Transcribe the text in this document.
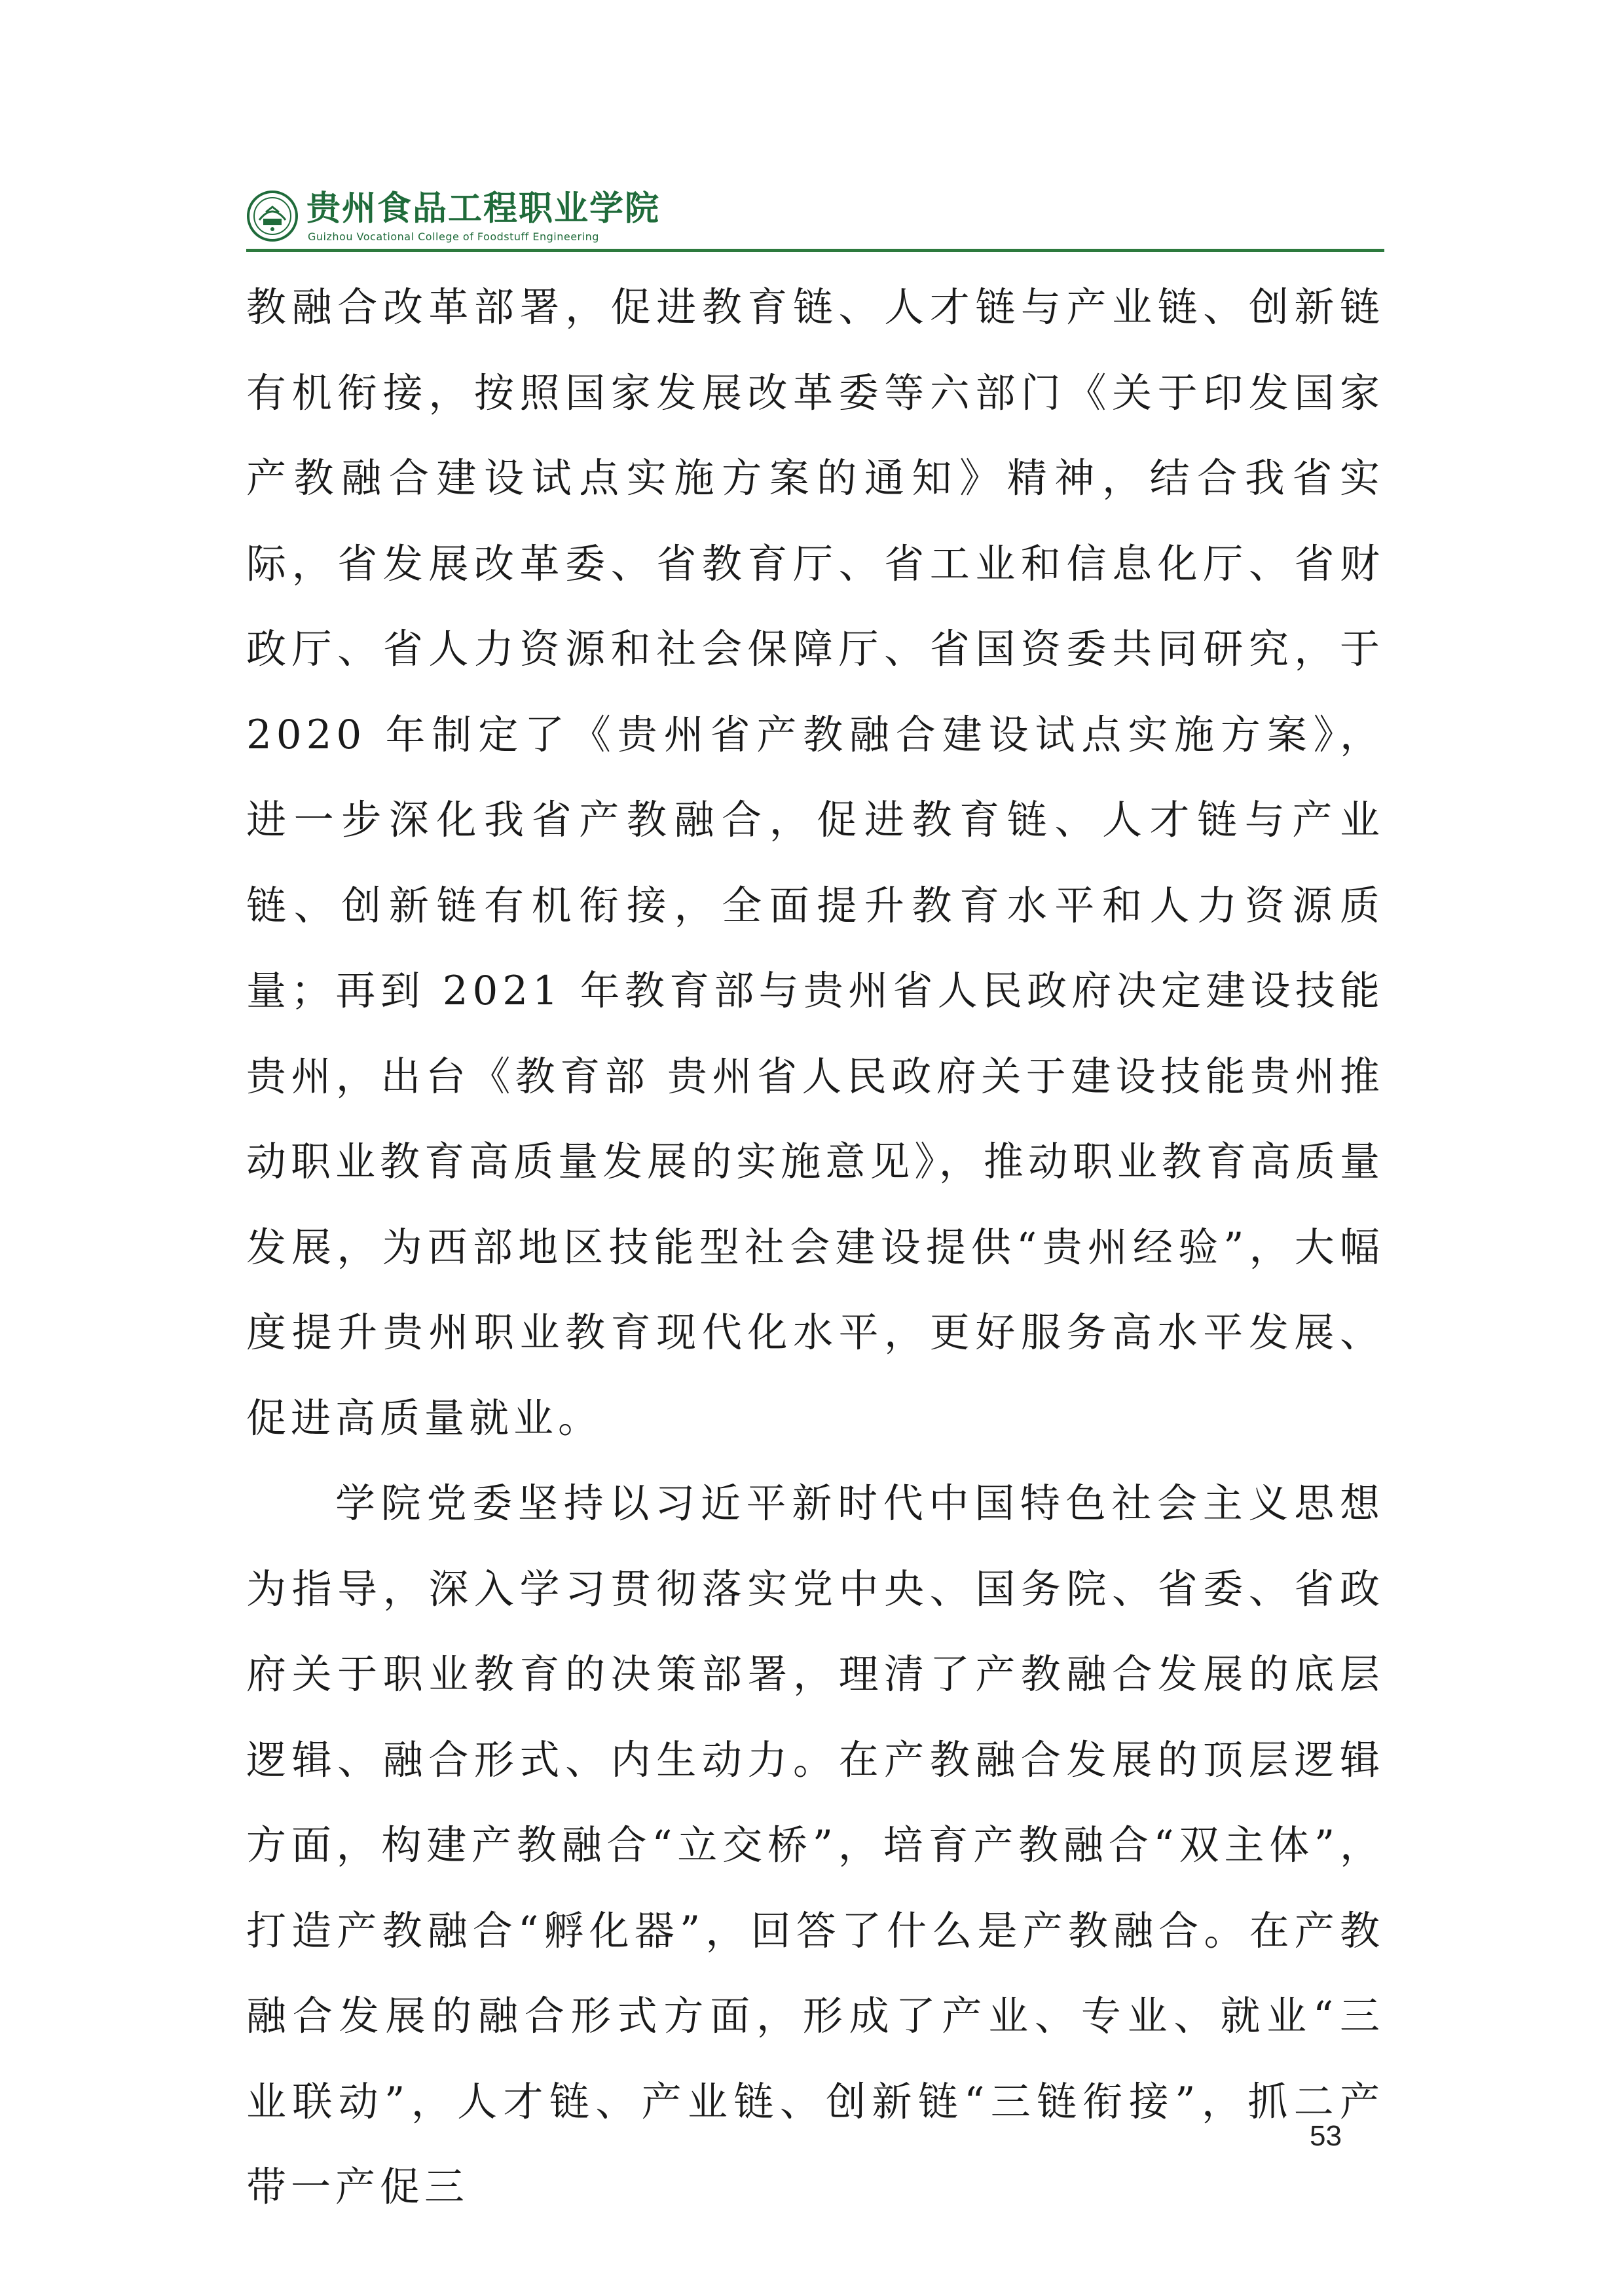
贵州食品工程职业学院
Guizhou Vocational College of Foodstuff Engineering

教融合改革部署，促进教育链、人才链与产业链、创新链有机衔接，按照国家发展改革委等六部门《关于印发国家产教融合建设试点实施方案的通知》精神，结合我省实际，省发展改革委、省教育厅、省工业和信息化厅、省财政厅、省人力资源和社会保障厅、省国资委共同研究，于 2020 年制定了《贵州省产教融合建设试点实施方案》，进一步深化我省产教融合，促进教育链、人才链与产业链、创新链有机衔接，全面提升教育水平和人力资源质量；再到 2021 年教育部与贵州省人民政府决定建设技能贵州，出台《教育部 贵州省人民政府关于建设技能贵州推动职业教育高质量发展的实施意见》，推动职业教育高质量发展，为西部地区技能型社会建设提供“贵州经验”，大幅度提升贵州职业教育现代化水平，更好服务高水平发展、促进高质量就业。

学院党委坚持以习近平新时代中国特色社会主义思想为指导，深入学习贯彻落实党中央、国务院、省委、省政府关于职业教育的决策部署，理清了产教融合发展的底层逻辑、融合形式、内生动力。在产教融合发展的顶层逻辑方面，构建产教融合“立交桥”，培育产教融合“双主体”，打造产教融合“孵化器”，回答了什么是产教融合。在产教融合发展的融合形式方面，形成了产业、专业、就业“三业联动”，人才链、产业链、创新链“三链衔接”，抓二产带一产促三

53
